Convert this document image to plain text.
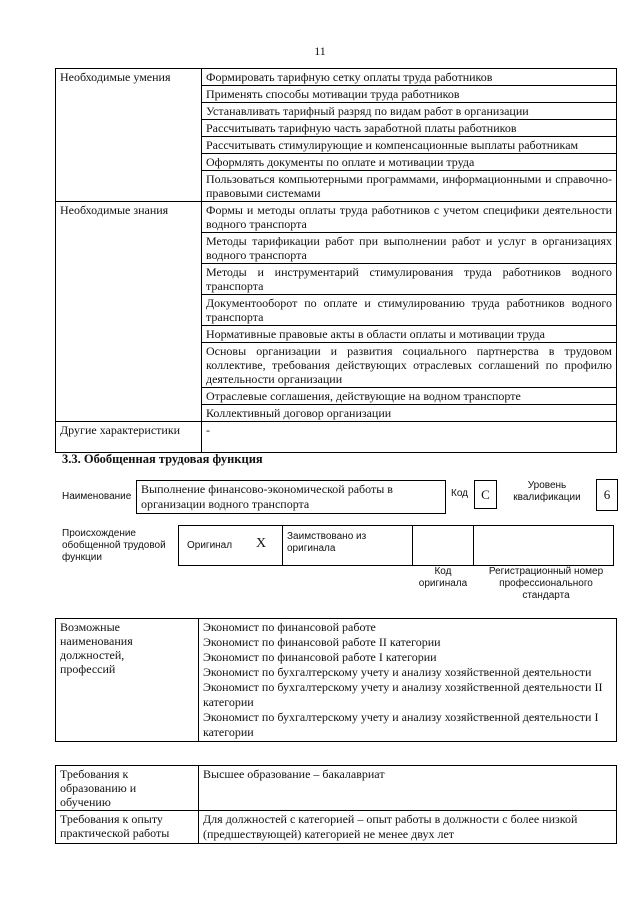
11
Необходимые умения	Формировать тарифную сетку оплаты труда работников
	Применять способы мотивации труда работников
	Устанавливать тарифный разряд по видам работ в организации
	Рассчитывать тарифную часть заработной платы работников
	Рассчитывать стимулирующие и компенсационные выплаты работникам
	Оформлять документы по оплате и мотивации труда
	Пользоваться компьютерными программами, информационными и справочно-правовыми системами
Необходимые знания	Формы и методы оплаты труда работников с учетом специфики деятельности водного транспорта
	Методы тарификации работ при выполнении работ и услуг в организациях водного транспорта
	Методы и инструментарий стимулирования труда работников водного транспорта
	Документооборот по оплате и стимулированию труда работников водного транспорта
	Нормативные правовые акты в области оплаты и мотивации труда
	Основы организации и развития социального партнерства в трудовом коллективе, требования действующих отраслевых соглашений по профилю деятельности организации
	Отраслевые соглашения, действующие на водном транспорте
	Коллективный договор организации
Другие характеристики	-
3.3. Обобщенная трудовая функция
Наименование
Выполнение финансово-экономической работы в организации водного транспорта
Код	C
Уровень квалификации	6
Происхождение обобщенной трудовой функции
Оригинал X Заимствовано из оригинала
Код оригинала
Регистрационный номер профессионального стандарта
Возможные наименования должностей, профессий

Экономист по финансовой работе
Экономист по финансовой работе II категории
Экономист по финансовой работе I категории
Экономист по бухгалтерскому учету и анализу хозяйственной деятельности
Экономист по бухгалтерскому учету и анализу хозяйственной деятельности II категории
Экономист по бухгалтерскому учету и анализу хозяйственной деятельности I категории
Требования к образованию и обучению	Высшее образование – бакалавриат
Требования к опыту практической работы	Для должностей с категорией – опыт работы в должности с более низкой (предшествующей) категорией не менее двух лет
